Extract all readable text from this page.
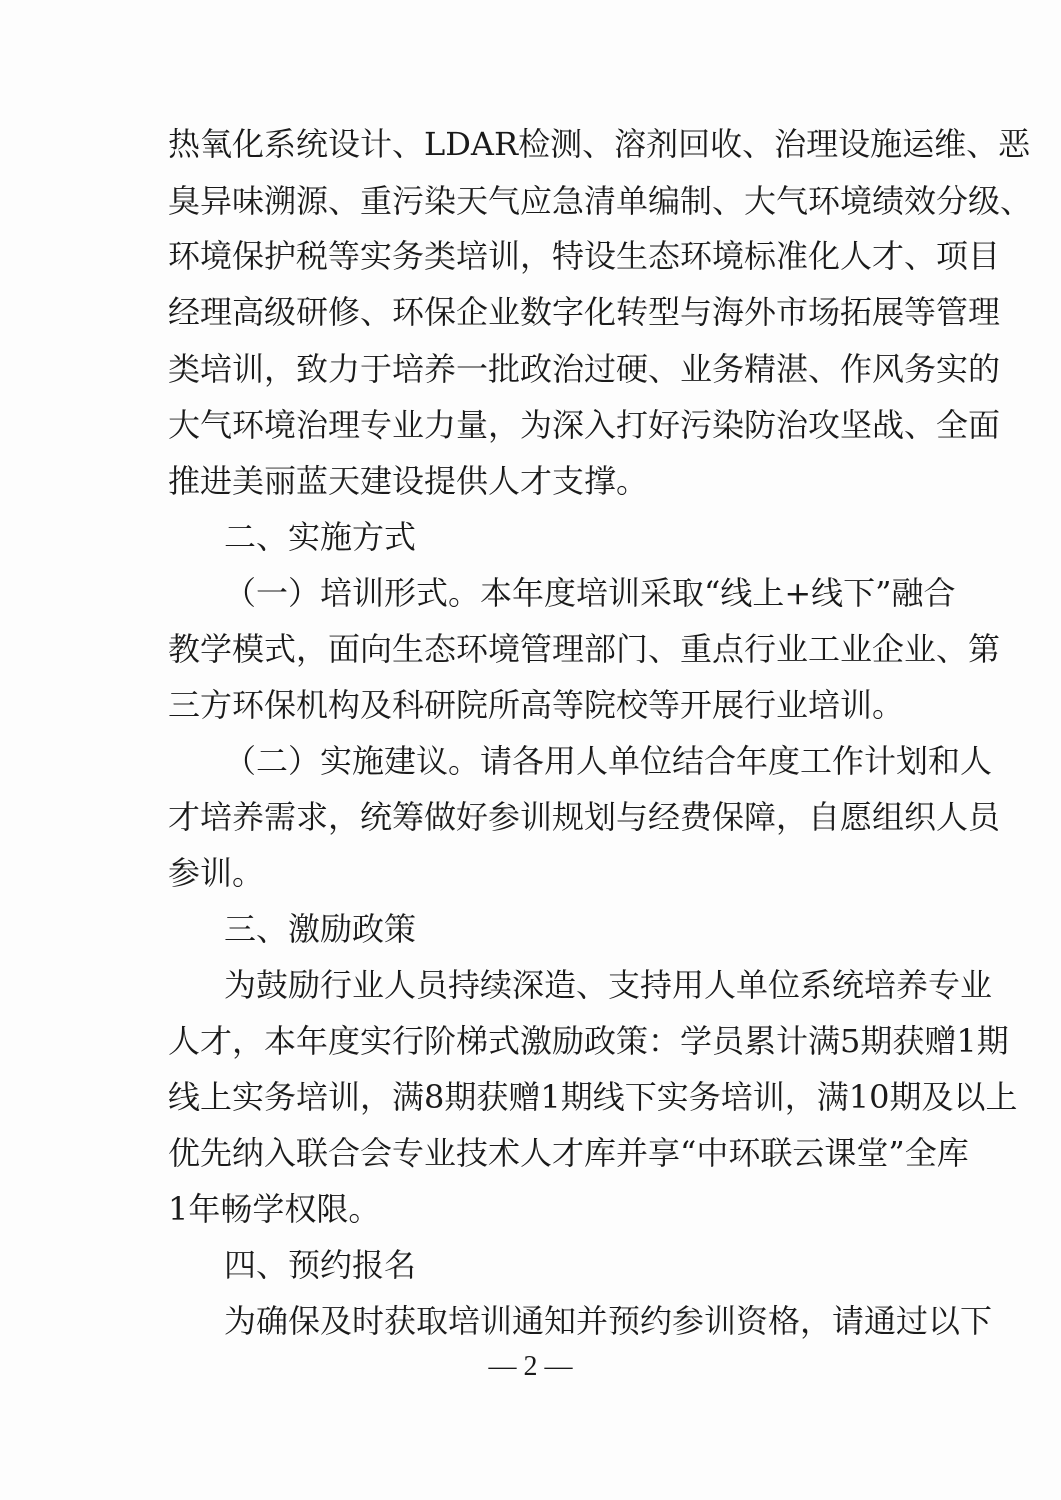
热氧化系统设计、LDAR检测、溶剂回收、治理设施运维、恶

臭异味溯源、重污染天气应急清单编制、大气环境绩效分级、

环境保护税等实务类培训，特设生态环境标准化人才、项目

经理高级研修、环保企业数字化转型与海外市场拓展等管理

类培训，致力于培养一批政治过硬、业务精湛、作风务实的

大气环境治理专业力量，为深入打好污染防治攻坚战、全面

推进美丽蓝天建设提供人才支撑。

二、实施方式

（一）培训形式。本年度培训采取“线上+线下”融合

教学模式，面向生态环境管理部门、重点行业工业企业、第

三方环保机构及科研院所高等院校等开展行业培训。

（二）实施建议。请各用人单位结合年度工作计划和人

才培养需求，统筹做好参训规划与经费保障，自愿组织人员

参训。

三、激励政策

为鼓励行业人员持续深造、支持用人单位系统培养专业

人才，本年度实行阶梯式激励政策：学员累计满5期获赠1期

线上实务培训，满8期获赠1期线下实务培训，满10期及以上

优先纳入联合会专业技术人才库并享“中环联云课堂”全库

1年畅学权限。

四、预约报名

为确保及时获取培训通知并预约参训资格，请通过以下

— 2 —
